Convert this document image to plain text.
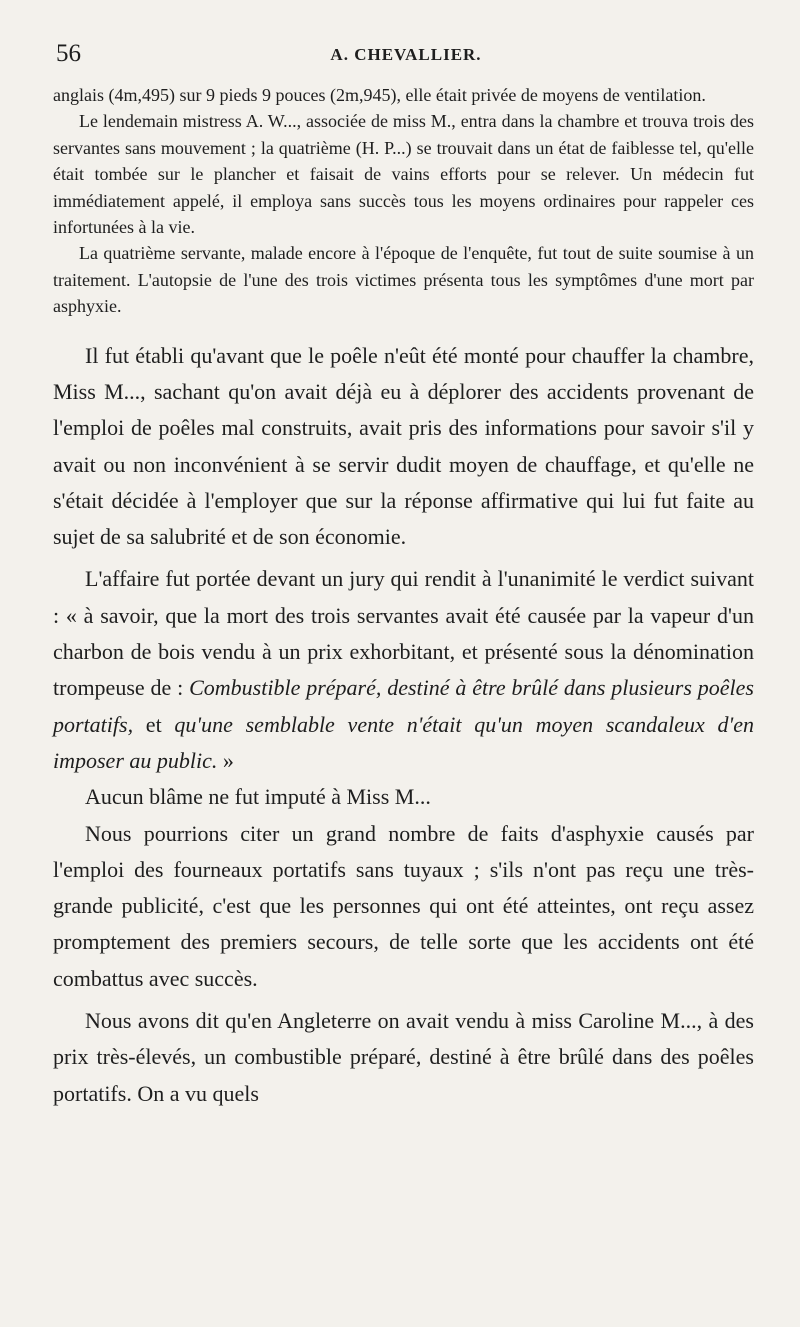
56	A. CHEVALLIER.

anglais (4m,495) sur 9 pieds 9 pouces (2m,945), elle était privée de moyens de ventilation.

Le lendemain mistress A. W..., associée de miss M., entra dans la chambre et trouva trois des servantes sans mouvement ; la quatrième (H. P...) se trouvait dans un état de faiblesse tel, qu'elle était tombée sur le plancher et faisait de vains efforts pour se relever. Un médecin fut immédiatement appelé, il employa sans succès tous les moyens ordinaires pour rappeler ces infortunées à la vie.

La quatrième servante, malade encore à l'époque de l'enquête, fut tout de suite soumise à un traitement. L'autopsie de l'une des trois victimes présenta tous les symptômes d'une mort par asphyxie.

Il fut établi qu'avant que le poêle n'eût été monté pour chauffer la chambre, Miss M..., sachant qu'on avait déjà eu à déplorer des accidents provenant de l'emploi de poêles mal construits, avait pris des informations pour savoir s'il y avait ou non inconvénient à se servir dudit moyen de chauffage, et qu'elle ne s'était décidée à l'employer que sur la réponse affirmative qui lui fut faite au sujet de sa salubrité et de son économie.

L'affaire fut portée devant un jury qui rendit à l'unanimité le verdict suivant : « à savoir, que la mort des trois servantes avait été causée par la vapeur d'un charbon de bois vendu à un prix exhorbitant, et présenté sous la dénomination trompeuse de : Combustible préparé, destiné à être brûlé dans plusieurs poêles portatifs, et qu'une semblable vente n'était qu'un moyen scandaleux d'en imposer au public. »

Aucun blâme ne fut imputé à Miss M...

Nous pourrions citer un grand nombre de faits d'asphyxie causés par l'emploi des fourneaux portatifs sans tuyaux ; s'ils n'ont pas reçu une très-grande publicité, c'est que les personnes qui ont été atteintes, ont reçu assez promptement des premiers secours, de telle sorte que les accidents ont été combattus avec succès.

Nous avons dit qu'en Angleterre on avait vendu à miss Caroline M..., à des prix très-élevés, un combustible préparé, destiné à être brûlé dans des poêles portatifs. On a vu quels
